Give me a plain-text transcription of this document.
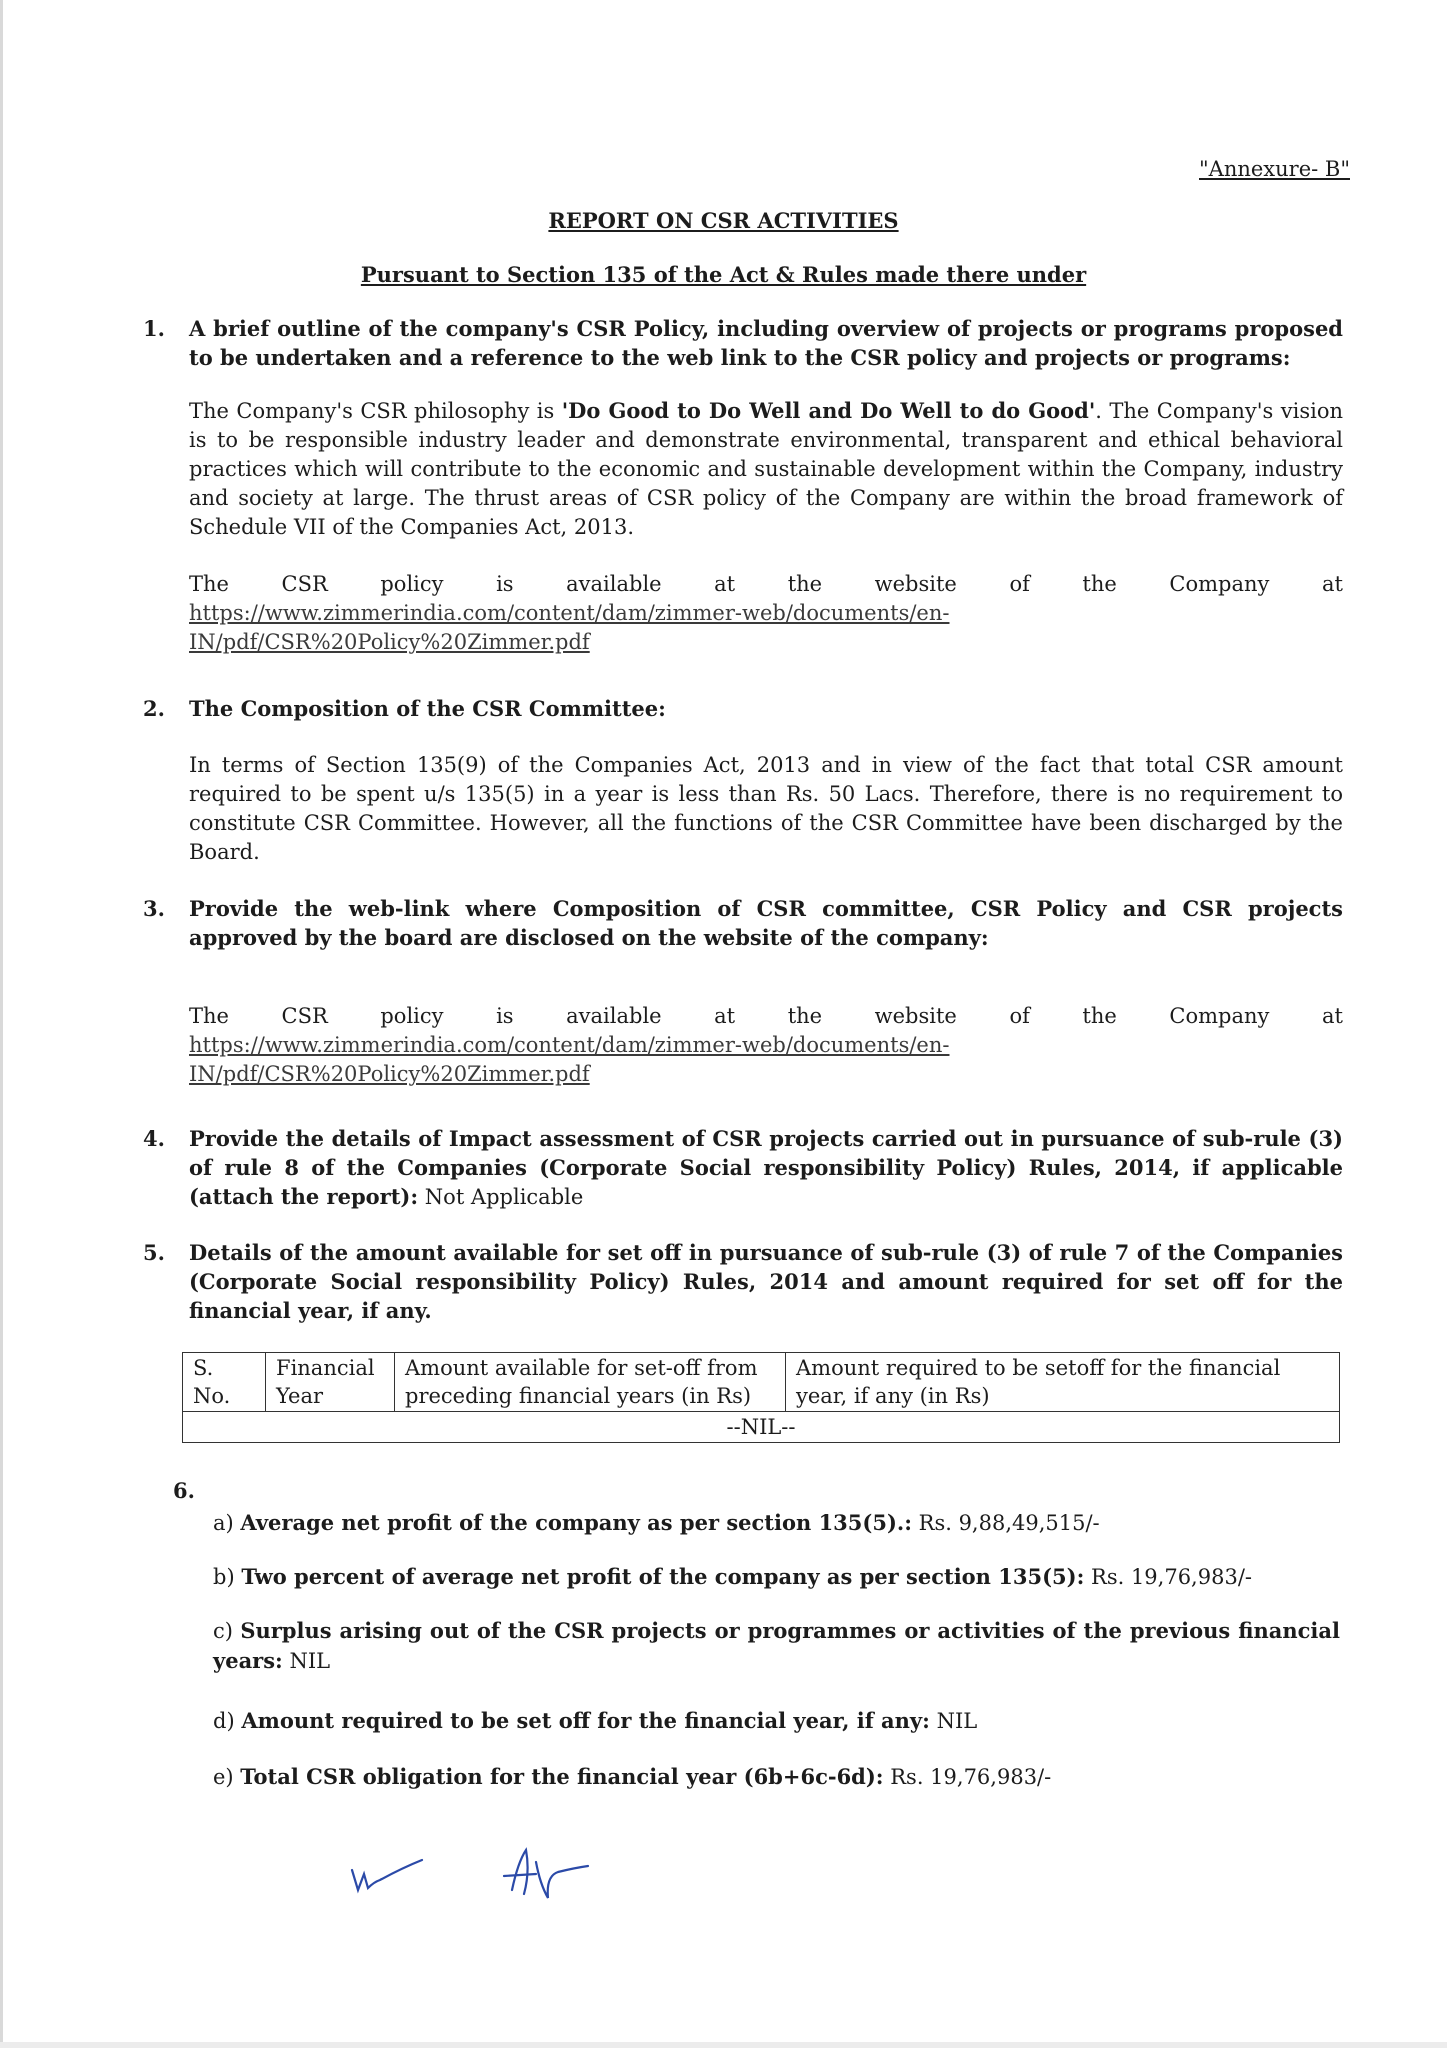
"Annexure- B"
REPORT ON CSR ACTIVITIES
Pursuant to Section 135 of the Act & Rules made there under
1. A brief outline of the company's CSR Policy, including overview of projects or programs proposed to be undertaken and a reference to the web link to the CSR policy and projects or programs:
The Company's CSR philosophy is 'Do Good to Do Well and Do Well to do Good'. The Company's vision is to be responsible industry leader and demonstrate environmental, transparent and ethical behavioral practices which will contribute to the economic and sustainable development within the Company, industry and society at large. The thrust areas of CSR policy of the Company are within the broad framework of Schedule VII of the Companies Act, 2013.
The	CSR	policy	is	available	at	the	website	of	the	Company	at
https://www.zimmerindia.com/content/dam/zimmer-web/documents/en-
IN/pdf/CSR%20Policy%20Zimmer.pdf
2. The Composition of the CSR Committee:
In terms of Section 135(9) of the Companies Act, 2013 and in view of the fact that total CSR amount required to be spent u/s 135(5) in a year is less than Rs. 50 Lacs. Therefore, there is no requirement to constitute CSR Committee. However, all the functions of the CSR Committee have been discharged by the Board.
3. Provide the web-link where Composition of CSR committee, CSR Policy and CSR projects approved by the board are disclosed on the website of the company:
The	CSR	policy	is	available	at	the	website	of	the	Company	at
https://www.zimmerindia.com/content/dam/zimmer-web/documents/en-
IN/pdf/CSR%20Policy%20Zimmer.pdf
4. Provide the details of Impact assessment of CSR projects carried out in pursuance of sub-rule (3) of rule 8 of the Companies (Corporate Social responsibility Policy) Rules, 2014, if applicable (attach the report): Not Applicable
5. Details of the amount available for set off in pursuance of sub-rule (3) of rule 7 of the Companies (Corporate Social responsibility Policy) Rules, 2014 and amount required for set off for the financial year, if any.
S. No.	Financial Year	Amount available for set-off from preceding financial years (in Rs)	Amount required to be setoff for the financial year, if any (in Rs)
--NIL--
6.
a) Average net profit of the company as per section 135(5).: Rs. 9,88,49,515/-
b) Two percent of average net profit of the company as per section 135(5): Rs. 19,76,983/-
c) Surplus arising out of the CSR projects or programmes or activities of the previous financial years: NIL
d) Amount required to be set off for the financial year, if any: NIL
e) Total CSR obligation for the financial year (6b+6c-6d): Rs. 19,76,983/-
